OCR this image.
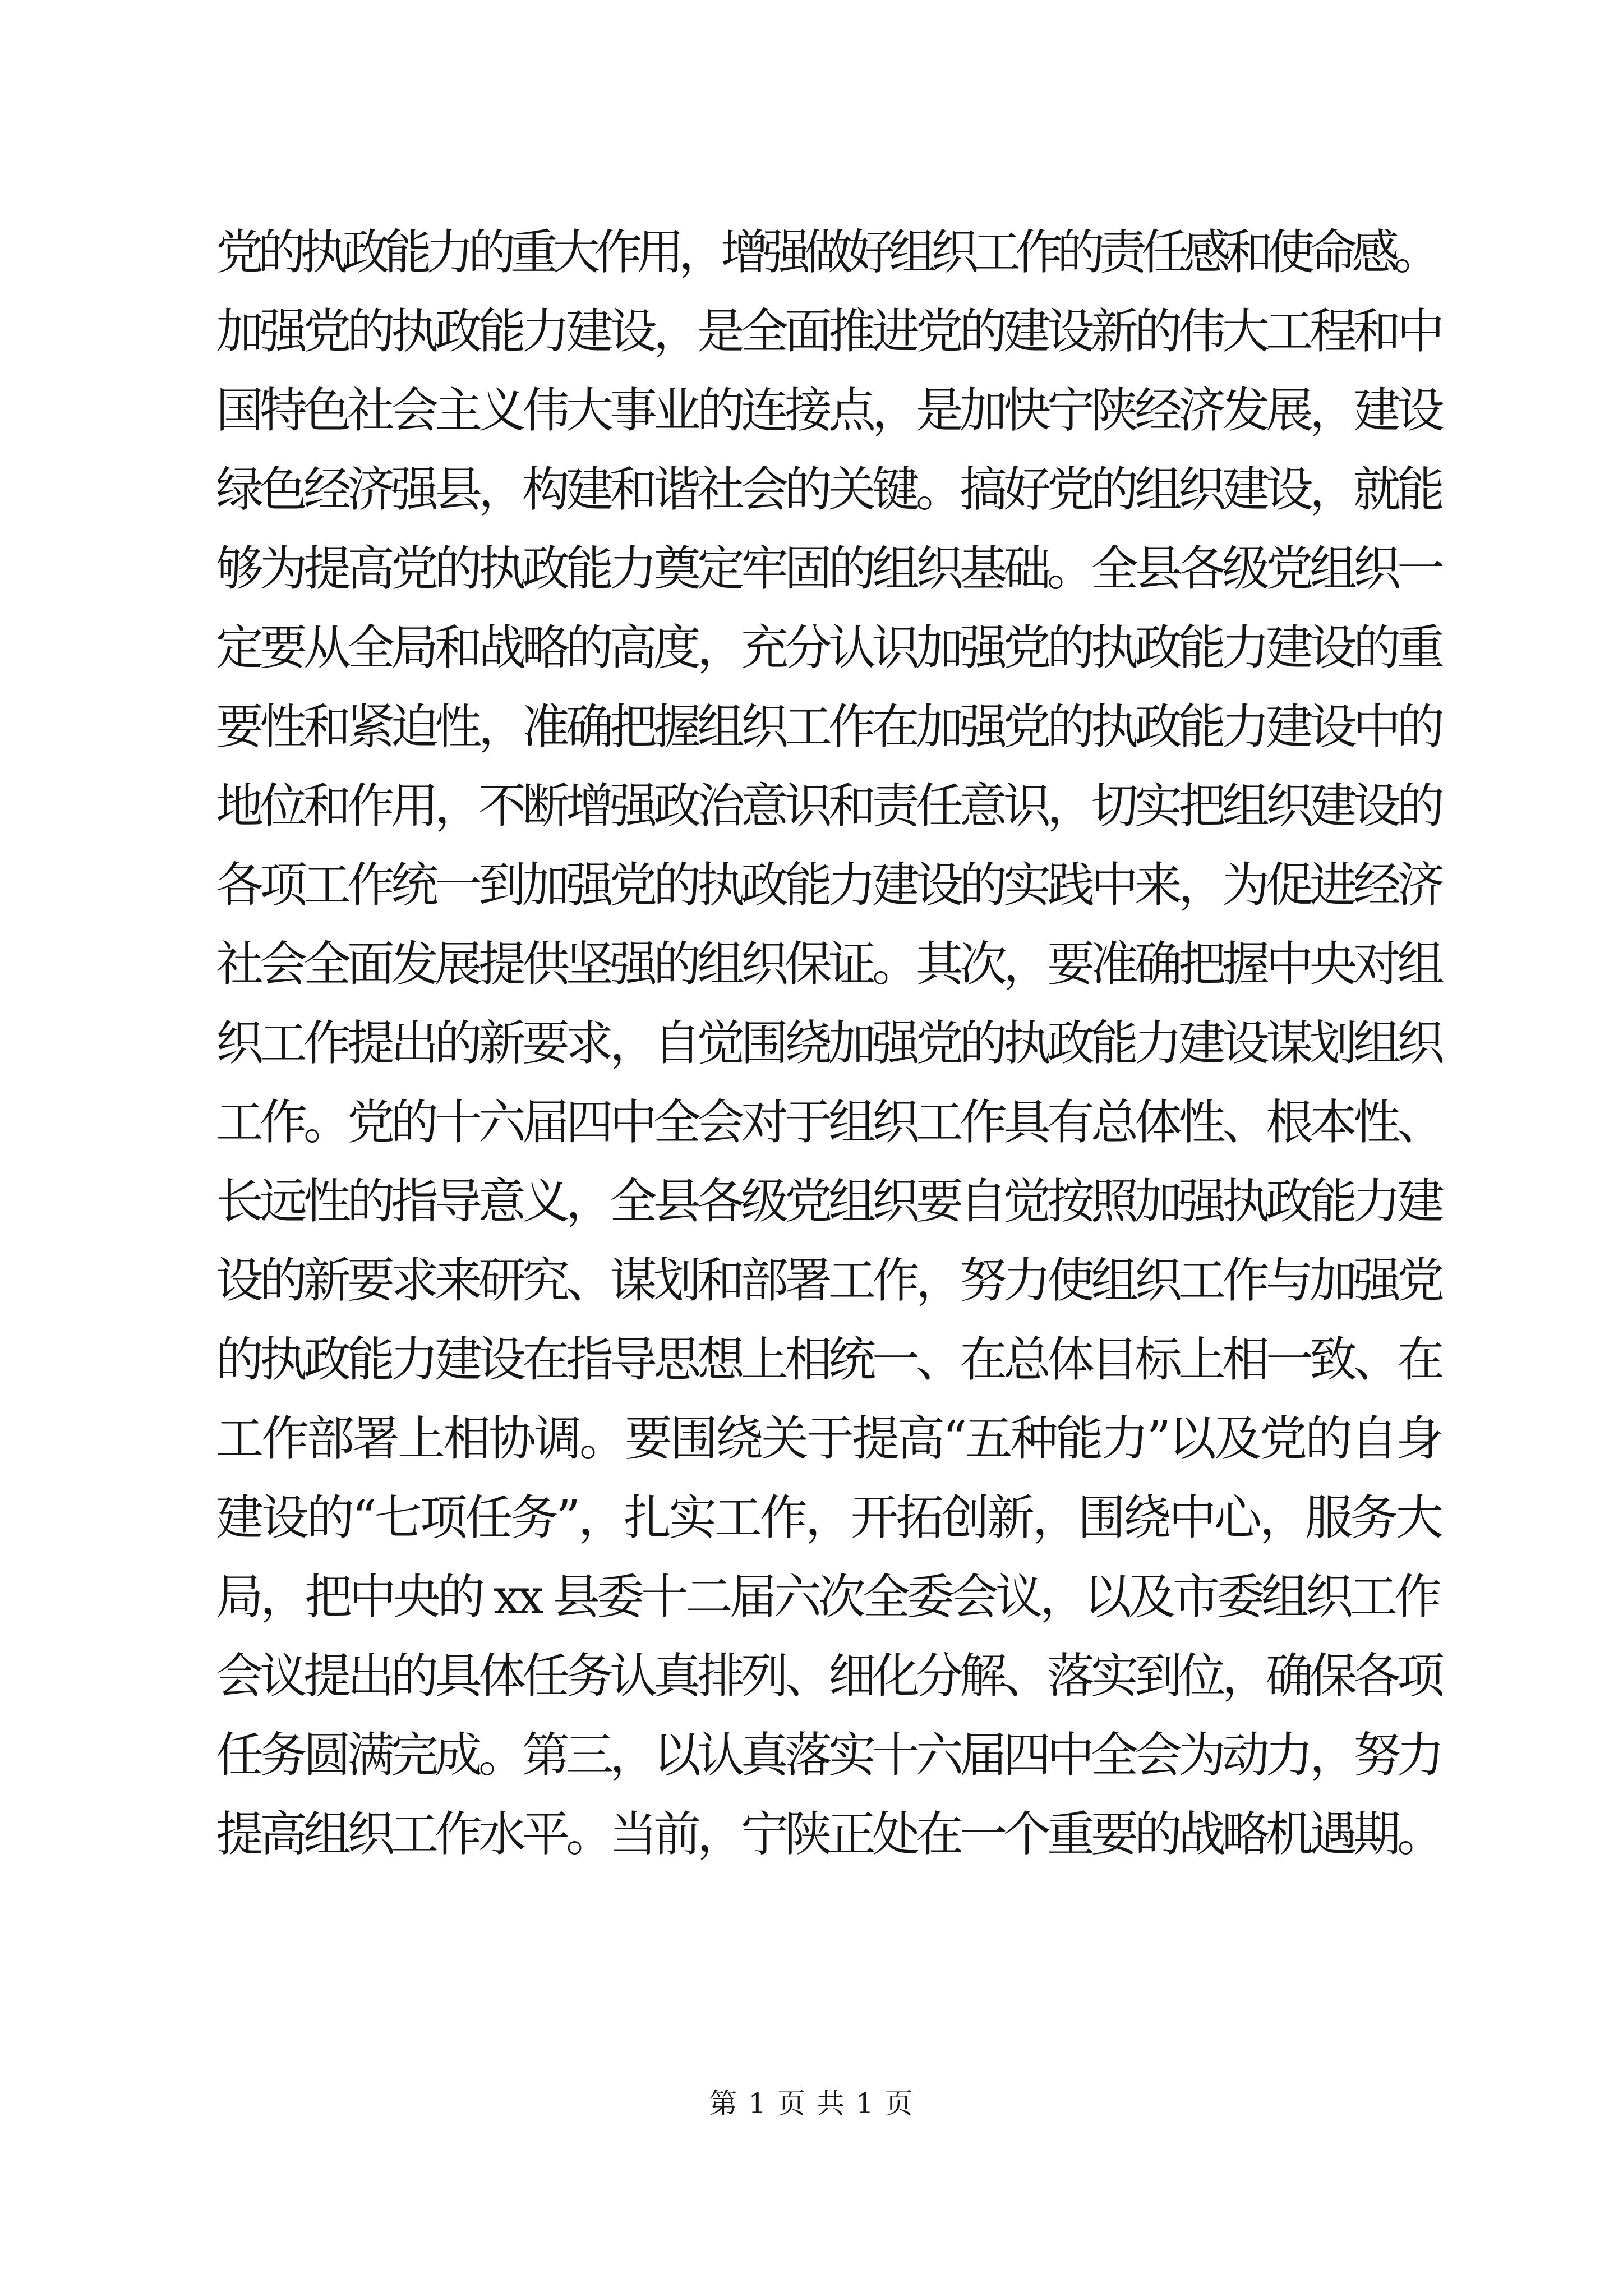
党的执政能力的重大作用，增强做好组织工作的责任感和使命感。
加强党的执政能力建设，是全面推进党的建设新的伟大工程和中
国特色社会主义伟大事业的连接点，是加快宁陕经济发展，建设
绿色经济强县，构建和谐社会的关键。搞好党的组织建设，就能
够为提高党的执政能力奠定牢固的组织基础。全县各级党组织一
定要从全局和战略的高度，充分认识加强党的执政能力建设的重
要性和紧迫性，准确把握组织工作在加强党的执政能力建设中的
地位和作用，不断增强政治意识和责任意识，切实把组织建设的
各项工作统一到加强党的执政能力建设的实践中来，为促进经济
社会全面发展提供坚强的组织保证。其次，要准确把握中央对组
织工作提出的新要求，自觉围绕加强党的执政能力建设谋划组织
工作。党的十六届四中全会对于组织工作具有总体性、根本性、
长远性的指导意义，全县各级党组织要自觉按照加强执政能力建
设的新要求来研究、谋划和部署工作，努力使组织工作与加强党
的执政能力建设在指导思想上相统一、在总体目标上相一致、在
工作部署上相协调。要围绕关于提高“五种能力”以及党的自身
建设的“七项任务”，扎实工作，开拓创新，围绕中心，服务大
局，把中央的 xx 县委十二届六次全委会议，以及市委组织工作
会议提出的具体任务认真排列、细化分解、落实到位，确保各项
任务圆满完成。第三，以认真落实十六届四中全会为动力，努力
提高组织工作水平。当前，宁陕正处在一个重要的战略机遇期。
第 1 页 共 1 页
